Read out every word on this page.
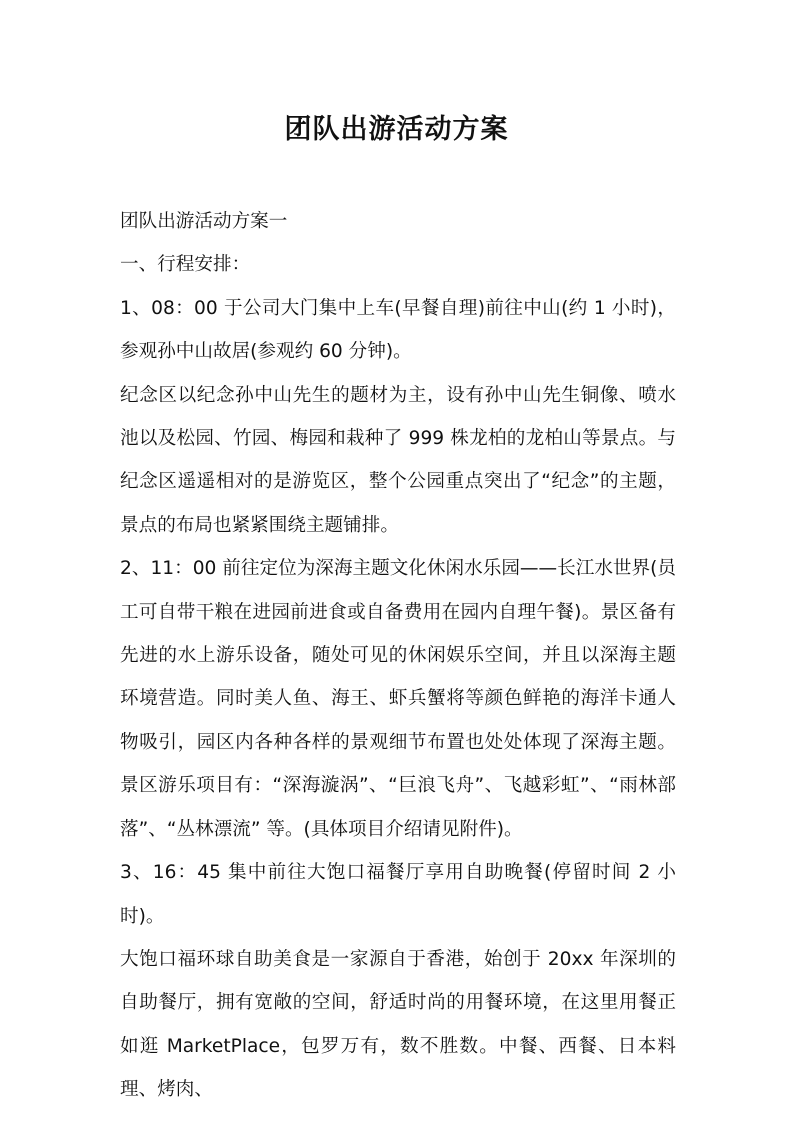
团队出游活动方案

团队出游活动方案一

一、行程安排：

1、08：00 于公司大门集中上车(早餐自理)前往中山(约 1 小时)，参观孙中山故居(参观约 60 分钟)。

纪念区以纪念孙中山先生的题材为主，设有孙中山先生铜像、喷水池以及松园、竹园、梅园和栽种了 999 株龙柏的龙柏山等景点。与纪念区遥遥相对的是游览区，整个公园重点突出了“纪念”的主题，景点的布局也紧紧围绕主题铺排。

2、11：00 前往定位为深海主题文化休闲水乐园——长江水世界(员工可自带干粮在进园前进食或自备费用在园内自理午餐)。景区备有先进的水上游乐设备，随处可见的休闲娱乐空间，并且以深海主题环境营造。同时美人鱼、海王、虾兵蟹将等颜色鲜艳的海洋卡通人物吸引，园区内各种各样的景观细节布置也处处体现了深海主题。景区游乐项目有：“深海漩涡”、“巨浪飞舟”、飞越彩虹”、“雨林部落”、“丛林漂流” 等。(具体项目介绍请见附件)。

3、16：45 集中前往大饱口福餐厅享用自助晚餐(停留时间 2 小时)。

大饱口福环球自助美食是一家源自于香港，始创于 20xx 年深圳的自助餐厅，拥有宽敞的空间，舒适时尚的用餐环境，在这里用餐正如逛 MarketPlace，包罗万有，数不胜数。中餐、西餐、日本料理、烤肉、
